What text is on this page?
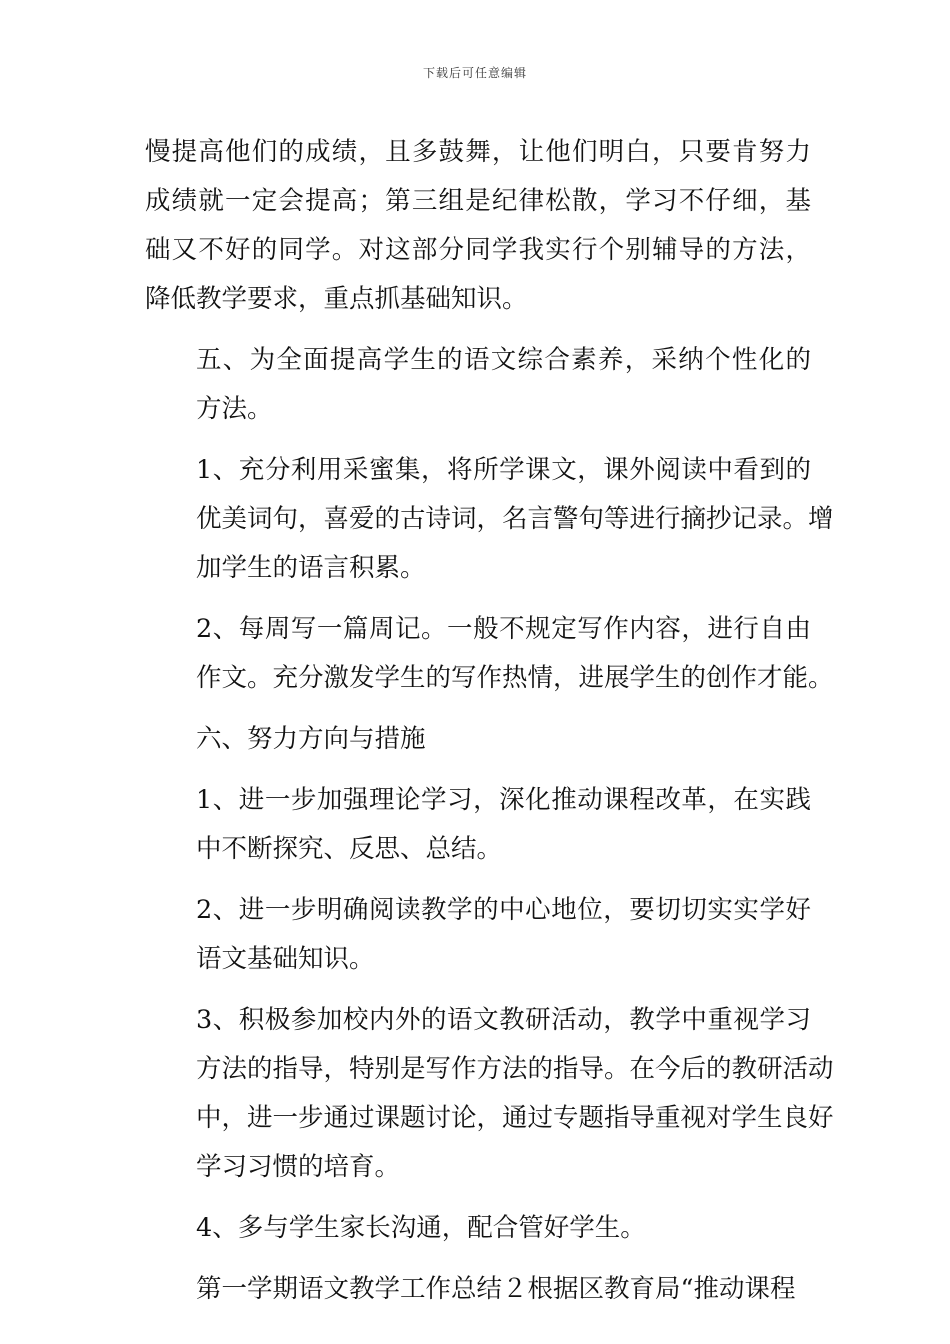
下载后可任意编辑
慢提高他们的成绩，且多鼓舞，让他们明白，只要肯努力
成绩就一定会提高；第三组是纪律松散，学习不仔细，基
础又不好的同学。对这部分同学我实行个别辅导的方法，
降低教学要求，重点抓基础知识。
五、为全面提高学生的语文综合素养，采纳个性化的
方法。
1、充分利用采蜜集，将所学课文，课外阅读中看到的
优美词句，喜爱的古诗词，名言警句等进行摘抄记录。增
加学生的语言积累。
2、每周写一篇周记。一般不规定写作内容，进行自由
作文。充分激发学生的写作热情，进展学生的创作才能。
六、努力方向与措施
1、进一步加强理论学习，深化推动课程改革，在实践
中不断探究、反思、总结。
2、进一步明确阅读教学的中心地位，要切切实实学好
语文基础知识。
3、积极参加校内外的语文教研活动，教学中重视学习
方法的指导，特别是写作方法的指导。在今后的教研活动
中，进一步通过课题讨论，通过专题指导重视对学生良好
学习习惯的培育。
4、多与学生家长沟通，配合管好学生。
第一学期语文教学工作总结２根据区教育局“推动课程
